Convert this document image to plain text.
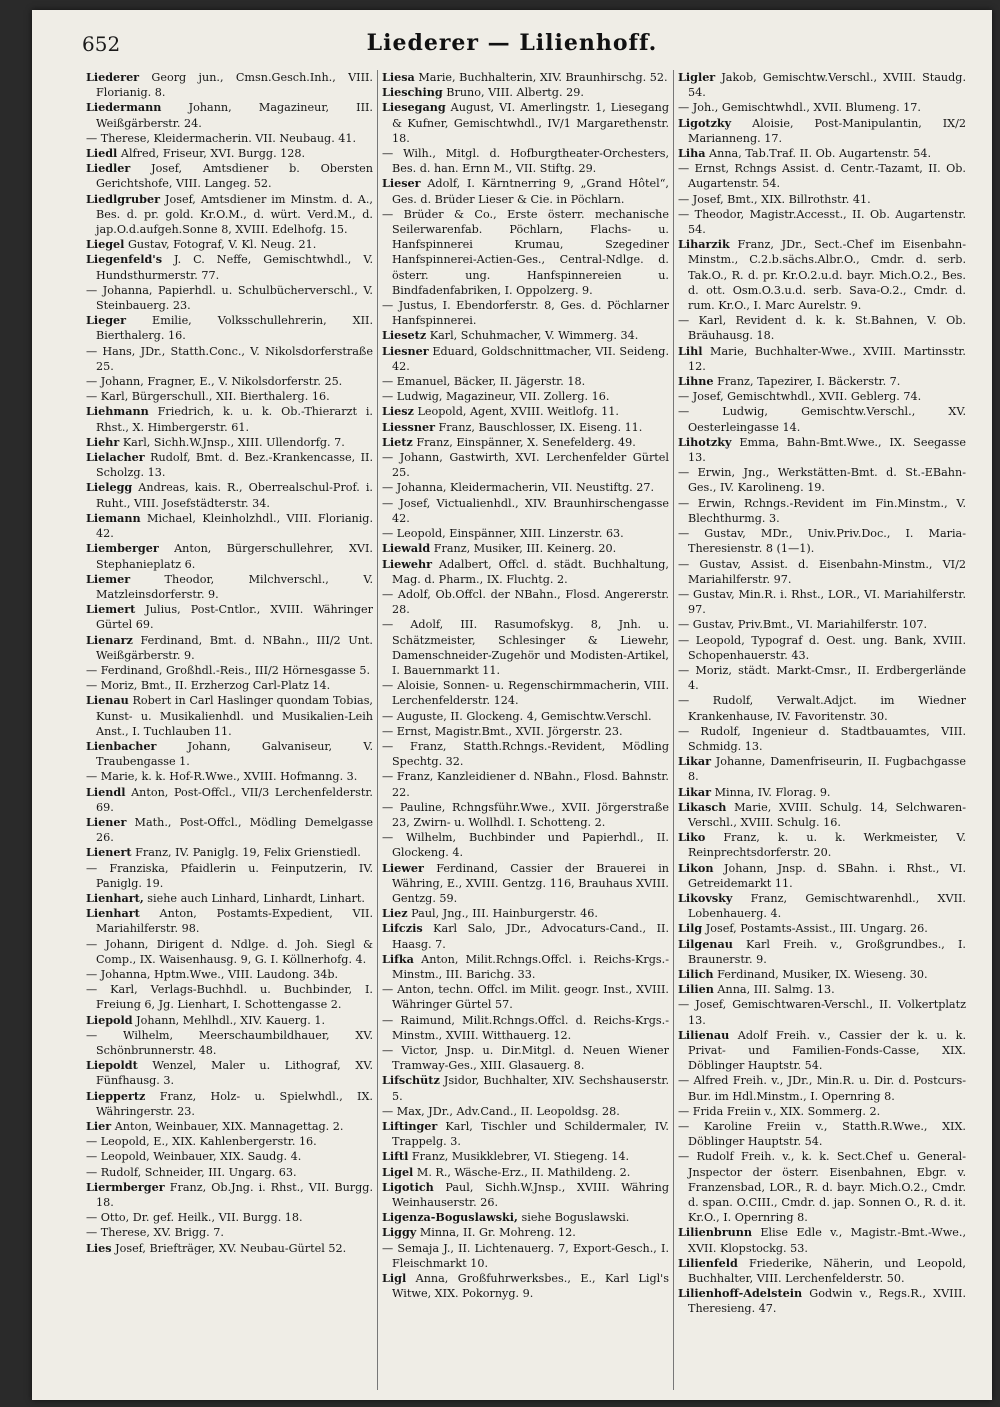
652	Liederer — Lilienhoff.

Liederer Georg jun., Cmsn.Gesch.Inh., VIII. Florianig. 8.

Liedermann Johann, Magazineur, III. Weißgärberstr. 24.

— Therese, Kleidermacherin. VII. Neubaug. 41.

Liedl Alfred, Friseur, XVI. Burgg. 128.

Liedler Josef, Amtsdiener b. Obersten Gerichtshofe, VIII. Langeg. 52.

Liedlgruber Josef, Amtsdiener im Minstm. d. A., Bes. d. pr. gold. Kr.O.M., d. würt. Verd.M., d. jap.O.d.aufgeh.Sonne 8, XVIII. Edelhofg. 15.

Liegel Gustav, Fotograf, V. Kl. Neug. 21.

Liegenfeld's J. C. Neffe, Gemischtwhdl., V. Hundsthurmerstr. 77.

— Johanna, Papierhdl. u. Schulbücherverschl., V. Steinbauerg. 23.

Lieger Emilie, Volksschullehrerin, XII. Bierthalerg. 16.

— Hans, JDr., Statth.Conc., V. Nikolsdorferstraße 25.

— Johann, Fragner, E., V. Nikolsdorferstr. 25.

— Karl, Bürgerschull., XII. Bierthalerg. 16.

Liehmann Friedrich, k. u. k. Ob.-Thierarzt i. Rhst., X. Himbergerstr. 61.

Liehr Karl, Sichh.W.Jnsp., XIII. Ullendorfg. 7.

Lielacher Rudolf, Bmt. d. Bez.-Krankencasse, II. Scholzg. 13.

Lielegg Andreas, kais. R., Oberrealschul-Prof. i. Ruht., VIII. Josefstädterstr. 34.

Liemann Michael, Kleinholzhdl., VIII. Florianig. 42.

Liemberger Anton, Bürgerschullehrer, XVI. Stephanieplatz 6.

Liemer Theodor, Milchverschl., V. Matzleinsdorferstr. 9.

Liemert Julius, Post-Cntlor., XVIII. Währinger Gürtel 69.

Lienarz Ferdinand, Bmt. d. NBahn., III/2 Unt. Weißgärberstr. 9.

— Ferdinand, Großhdl.-Reis., III/2 Hörnesgasse 5.

— Moriz, Bmt., II. Erzherzog Carl-Platz 14.

Lienau Robert in Carl Haslinger quondam Tobias, Kunst- u. Musikalienhdl. und Musikalien-Leih Anst., I. Tuchlauben 11.

Lienbacher Johann, Galvaniseur, V. Traubengasse 1.

— Marie, k. k. Hof-R.Wwe., XVIII. Hofmanng. 3.

Liendl Anton, Post-Offcl., VII/3 Lerchenfelderstr. 69.

Liener Math., Post-Offcl., Mödling Demelgasse 26.

Lienert Franz, IV. Paniglg. 19, Felix Grienstiedl.

— Franziska, Pfaidlerin u. Feinputzerin, IV. Paniglg. 19.

Lienhart, siehe auch Linhard, Linhardt, Linhart.

Lienhart Anton, Postamts-Expedient, VII. Mariahilferstr. 98.

— Johann, Dirigent d. Ndlge. d. Joh. Siegl & Comp., IX. Waisenhausg. 9, G. I. Köllnerhofg. 4.

— Johanna, Hptm.Wwe., VIII. Laudong. 34b.

— Karl, Verlags-Buchhdl. u. Buchbinder, I. Freiung 6, Jg. Lienhart, I. Schottengasse 2.

Liepold Johann, Mehlhdl., XIV. Kauerg. 1.

— Wilhelm, Meerschaumbildhauer, XV. Schönbrunnerstr. 48.

Liepoldt Wenzel, Maler u. Lithograf, XV. Fünfhausg. 3.

Lieppertz Franz, Holz- u. Spielwhdl., IX. Währingerstr. 23.

Lier Anton, Weinbauer, XIX. Mannagettag. 2.

— Leopold, E., XIX. Kahlenbergerstr. 16.

— Leopold, Weinbauer, XIX. Saudg. 4.

— Rudolf, Schneider, III. Ungarg. 63.

Liermberger Franz, Ob.Jng. i. Rhst., VII. Burgg. 18.

— Otto, Dr. gef. Heilk., VII. Burgg. 18.

— Therese, XV. Brigg. 7.

Lies Josef, Briefträger, XV. Neubau-Gürtel 52.

Liesa Marie, Buchhalterin, XIV. Braunhirschg. 52.

Liesching Bruno, VIII. Albertg. 29.

Liesegang August, VI. Amerlingstr. 1, Liesegang & Kufner, Gemischtwhdl., IV/1 Margarethenstr. 18.

— Wilh., Mitgl. d. Hofburgtheater-Orchesters, Bes. d. han. Ernn M., VII. Stiftg. 29.

Lieser Adolf, I. Kärntnerring 9, „Grand Hôtel“, Ges. d. Brüder Lieser & Cie. in Pöchlarn.

— Brüder & Co., Erste österr. mechanische Seilerwarenfab. Pöchlarn, Flachs- u. Hanfspinnerei Krumau, Szegediner Hanfspinnerei-Actien-Ges., Central-Ndlge. d. österr. ung. Hanfspinnereien u. Bindfadenfabriken, I. Oppolzerg. 9.

— Justus, I. Ebendorferstr. 8, Ges. d. Pöchlarner Hanfspinnerei.

Liesetz Karl, Schuhmacher, V. Wimmerg. 34.

Liesner Eduard, Goldschnittmacher, VII. Seideng. 42.

— Emanuel, Bäcker, II. Jägerstr. 18.

— Ludwig, Magazineur, VII. Zollerg. 16.

Liesz Leopold, Agent, XVIII. Weitlofg. 11.

Liessner Franz, Bauschlosser, IX. Eiseng. 11.

Lietz Franz, Einspänner, X. Senefelderg. 49.

— Johann, Gastwirth, XVI. Lerchenfelder Gürtel 25.

— Johanna, Kleidermacherin, VII. Neustiftg. 27.

— Josef, Victualienhdl., XIV. Braunhirschengasse 42.

— Leopold, Einspänner, XIII. Linzerstr. 63.

Liewald Franz, Musiker, III. Keinerg. 20.

Liewehr Adalbert, Offcl. d. städt. Buchhaltung, Mag. d. Pharm., IX. Fluchtg. 2.

— Adolf, Ob.Offcl. der NBahn., Flosd. Angererstr. 28.

— Adolf, III. Rasumofskyg. 8, Jnh. u. Schätzmeister, Schlesinger & Liewehr, Damenschneider-Zugehör und Modisten-Artikel, I. Bauernmarkt 11.

— Aloisie, Sonnen- u. Regenschirmmacherin, VIII. Lerchenfelderstr. 124.

— Auguste, II. Glockeng. 4, Gemischtw.Verschl.

— Ernst, Magistr.Bmt., XVII. Jörgerstr. 23.

— Franz, Statth.Rchngs.-Revident, Mödling Spechtg. 32.

— Franz, Kanzleidiener d. NBahn., Flosd. Bahnstr. 22.

— Pauline, Rchngsführ.Wwe., XVII. Jörgerstraße 23, Zwirn- u. Wollhdl. I. Schotteng. 2.

— Wilhelm, Buchbinder und Papierhdl., II. Glockeng. 4.

Liewer Ferdinand, Cassier der Brauerei in Währing, E., XVIII. Gentzg. 116, Brauhaus XVIII. Gentzg. 59.

Liez Paul, Jng., III. Hainburgerstr. 46.

Lifczis Karl Salo, JDr., Advocaturs-Cand., II. Haasg. 7.

Lifka Anton, Milit.Rchngs.Offcl. i. Reichs-Krgs.-Minstm., III. Barichg. 33.

— Anton, techn. Offcl. im Milit. geogr. Inst., XVIII. Währinger Gürtel 57.

— Raimund, Milit.Rchngs.Offcl. d. Reichs-Krgs.-Minstm., XVIII. Witthauerg. 12.

— Victor, Jnsp. u. Dir.Mitgl. d. Neuen Wiener Tramway-Ges., XIII. Glasauerg. 8.

Lifschütz Jsidor, Buchhalter, XIV. Sechshauserstr. 5.

— Max, JDr., Adv.Cand., II. Leopoldsg. 28.

Liftinger Karl, Tischler und Schildermaler, IV. Trappelg. 3.

Liftl Franz, Musikklebrer, VI. Stiegeng. 14.

Ligel M. R., Wäsche-Erz., II. Mathildeng. 2.

Ligotich Paul, Sichh.W.Jnsp., XVIII. Währing Weinhauserstr. 26.

Ligenza-Boguslawski, siehe Boguslawski.

Liggy Minna, II. Gr. Mohreng. 12.

— Semaja J., II. Lichtenauerg. 7, Export-Gesch., I. Fleischmarkt 10.

Ligl Anna, Großfuhrwerksbes., E., Karl Ligl's Witwe, XIX. Pokornyg. 9.

Ligler Jakob, Gemischtw.Verschl., XVIII. Staudg. 54.

— Joh., Gemischtwhdl., XVII. Blumeng. 17.

Ligotzky Aloisie, Post-Manipulantin, IX/2 Marianneng. 17.

Liha Anna, Tab.Traf. II. Ob. Augartenstr. 54.

— Ernst, Rchngs Assist. d. Centr.-Tazamt, II. Ob. Augartenstr. 54.

— Josef, Bmt., XIX. Billrothstr. 41.

— Theodor, Magistr.Accesst., II. Ob. Augartenstr. 54.

Liharzik Franz, JDr., Sect.-Chef im Eisenbahn-Minstm., C.2.b.sächs.Albr.O., Cmdr. d. serb. Tak.O., R. d. pr. Kr.O.2.u.d. bayr. Mich.O.2., Bes. d. ott. Osm.O.3.u.d. serb. Sava-O.2., Cmdr. d. rum. Kr.O., I. Marc Aurelstr. 9.

— Karl, Revident d. k. k. St.Bahnen, V. Ob. Bräuhausg. 18.

Lihl Marie, Buchhalter-Wwe., XVIII. Martinsstr. 12.

Lihne Franz, Tapezirer, I. Bäckerstr. 7.

— Josef, Gemischtwhdl., XVII. Geblerg. 74.

— Ludwig, Gemischtw.Verschl., XV. Oesterleingasse 14.

Lihotzky Emma, Bahn-Bmt.Wwe., IX. Seegasse 13.

— Erwin, Jng., Werkstätten-Bmt. d. St.-EBahn-Ges., IV. Karolineng. 19.

— Erwin, Rchngs.-Revident im Fin.Minstm., V. Blechthurmg. 3.

— Gustav, MDr., Univ.Priv.Doc., I. Maria-Theresienstr. 8 (1—1).

— Gustav, Assist. d. Eisenbahn-Minstm., VI/2 Mariahilferstr. 97.

— Gustav, Min.R. i. Rhst., LOR., VI. Mariahilferstr. 97.

— Gustav, Priv.Bmt., VI. Mariahilferstr. 107.

— Leopold, Typograf d. Oest. ung. Bank, XVIII. Schopenhauerstr. 43.

— Moriz, städt. Markt-Cmsr., II. Erdbergerlände 4.

— Rudolf, Verwalt.Adjct. im Wiedner Krankenhause, IV. Favoritenstr. 30.

— Rudolf, Ingenieur d. Stadtbauamtes, VIII. Schmidg. 13.

Likar Johanne, Damenfriseurin, II. Fugbachgasse 8.

Likar Minna, IV. Florag. 9.

Likasch Marie, XVIII. Schulg. 14, Selchwaren-Verschl., XVIII. Schulg. 16.

Liko Franz, k. u. k. Werkmeister, V. Reinprechtsdorferstr. 20.

Likon Johann, Jnsp. d. SBahn. i. Rhst., VI. Getreidemarkt 11.

Likovsky Franz, Gemischtwarenhdl., XVII. Lobenhauerg. 4.

Lilg Josef, Postamts-Assist., III. Ungarg. 26.

Lilgenau Karl Freih. v., Großgrundbes., I. Braunerstr. 9.

Lilich Ferdinand, Musiker, IX. Wieseng. 30.

Lilien Anna, III. Salmg. 13.

— Josef, Gemischtwaren-Verschl., II. Volkertplatz 13.

Lilienau Adolf Freih. v., Cassier der k. u. k. Privat- und Familien-Fonds-Casse, XIX. Döblinger Hauptstr. 54.

— Alfred Freih. v., JDr., Min.R. u. Dir. d. Postcurs-Bur. im Hdl.Minstm., I. Opernring 8.

— Frida Freiin v., XIX. Sommerg. 2.

— Karoline Freiin v., Statth.R.Wwe., XIX. Döblinger Hauptstr. 54.

— Rudolf Freih. v., k. k. Sect.Chef u. General-Jnspector der österr. Eisenbahnen, Ebgr. v. Franzensbad, LOR., R. d. bayr. Mich.O.2., Cmdr. d. span. O.CIII., Cmdr. d. jap. Sonnen O., R. d. it. Kr.O., I. Opernring 8.

Lilienbrunn Elise Edle v., Magistr.-Bmt.-Wwe., XVII. Klopstockg. 53.

Lilienfeld Friederike, Näherin, und Leopold, Buchhalter, VIII. Lerchenfelderstr. 50.

Lilienhoff-Adelstein Godwin v., Regs.R., XVIII. Theresieng. 47.
